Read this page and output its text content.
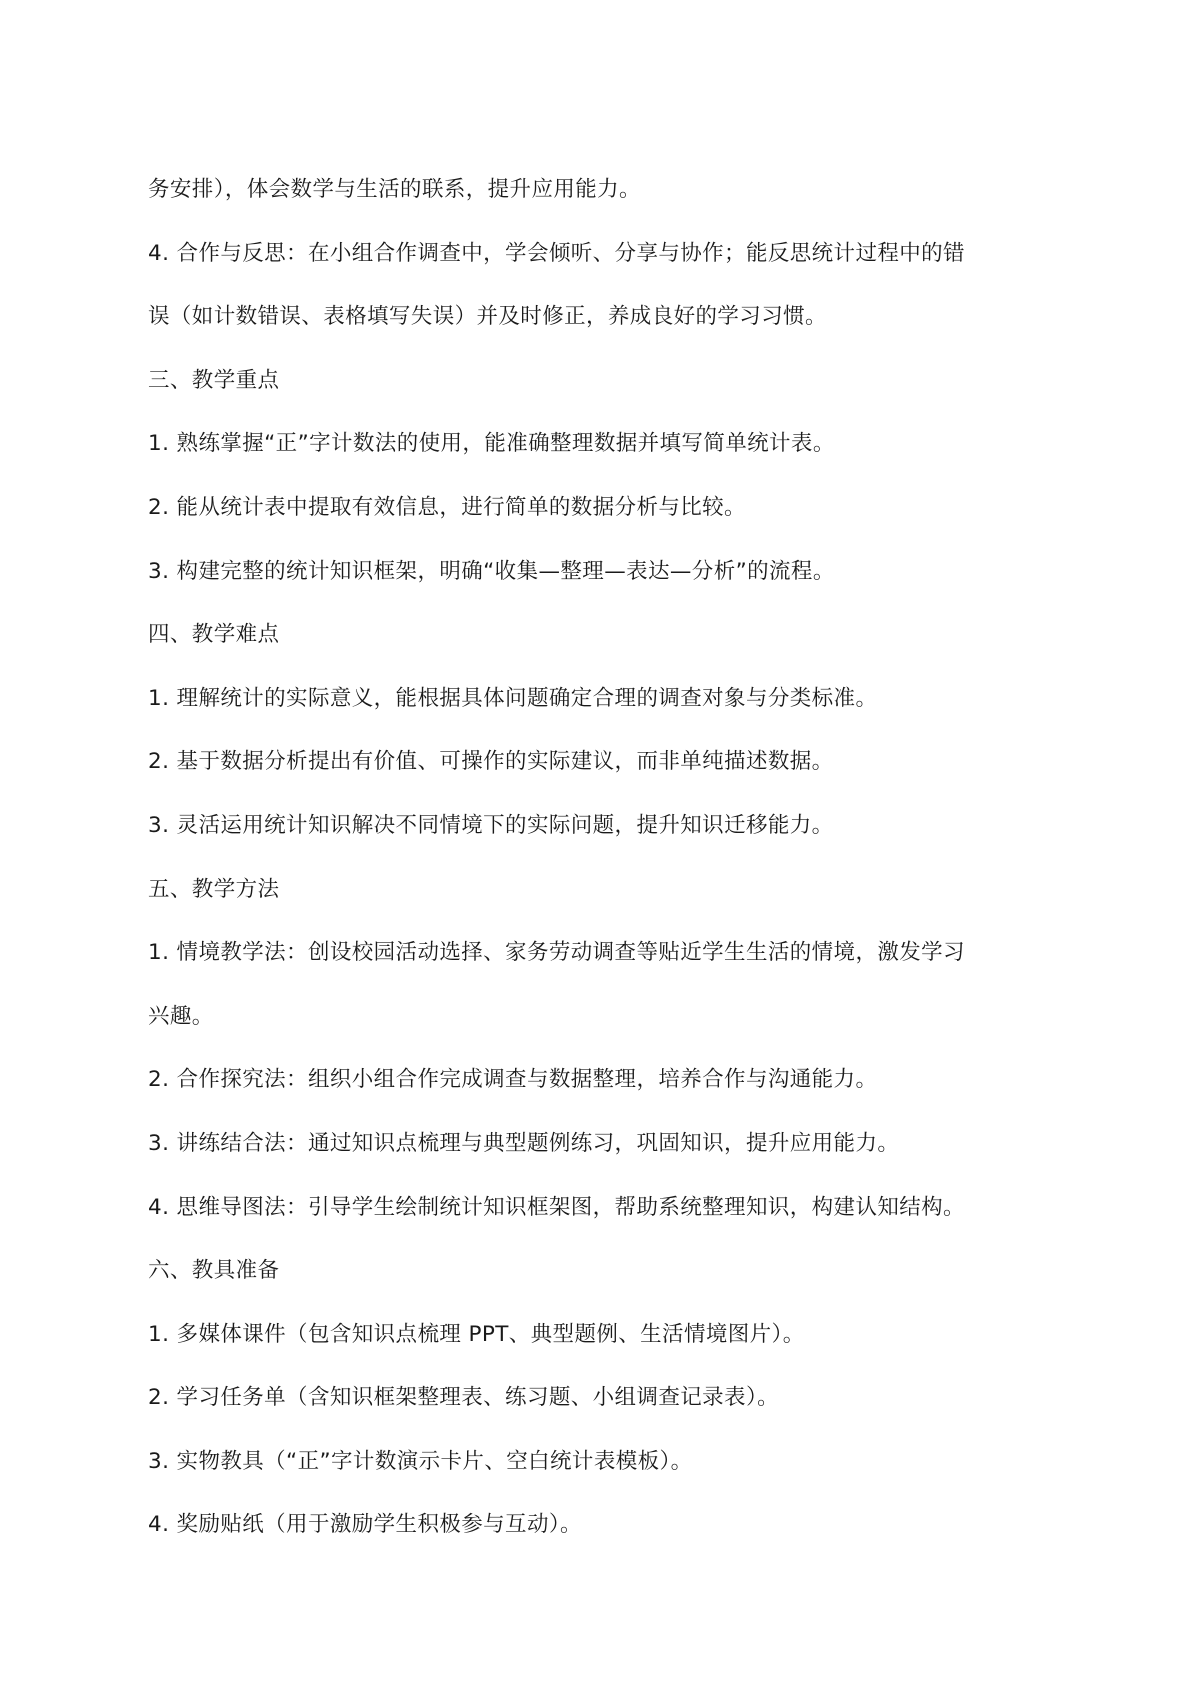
务安排），体会数学与生活的联系，提升应用能力。
4. 合作与反思：在小组合作调查中，学会倾听、分享与协作；能反思统计过程中的错
误（如计数错误、表格填写失误）并及时修正，养成良好的学习习惯。
三、教学重点
1. 熟练掌握“正”字计数法的使用，能准确整理数据并填写简单统计表。
2. 能从统计表中提取有效信息，进行简单的数据分析与比较。
3. 构建完整的统计知识框架，明确“收集—整理—表达—分析”的流程。
四、教学难点
1. 理解统计的实际意义，能根据具体问题确定合理的调查对象与分类标准。
2. 基于数据分析提出有价值、可操作的实际建议，而非单纯描述数据。
3. 灵活运用统计知识解决不同情境下的实际问题，提升知识迁移能力。
五、教学方法
1. 情境教学法：创设校园活动选择、家务劳动调查等贴近学生生活的情境，激发学习
兴趣。
2. 合作探究法：组织小组合作完成调查与数据整理，培养合作与沟通能力。
3. 讲练结合法：通过知识点梳理与典型题例练习，巩固知识，提升应用能力。
4. 思维导图法：引导学生绘制统计知识框架图，帮助系统整理知识，构建认知结构。
六、教具准备
1. 多媒体课件（包含知识点梳理 PPT、典型题例、生活情境图片）。
2. 学习任务单（含知识框架整理表、练习题、小组调查记录表）。
3. 实物教具（“正”字计数演示卡片、空白统计表模板）。
4. 奖励贴纸（用于激励学生积极参与互动）。
